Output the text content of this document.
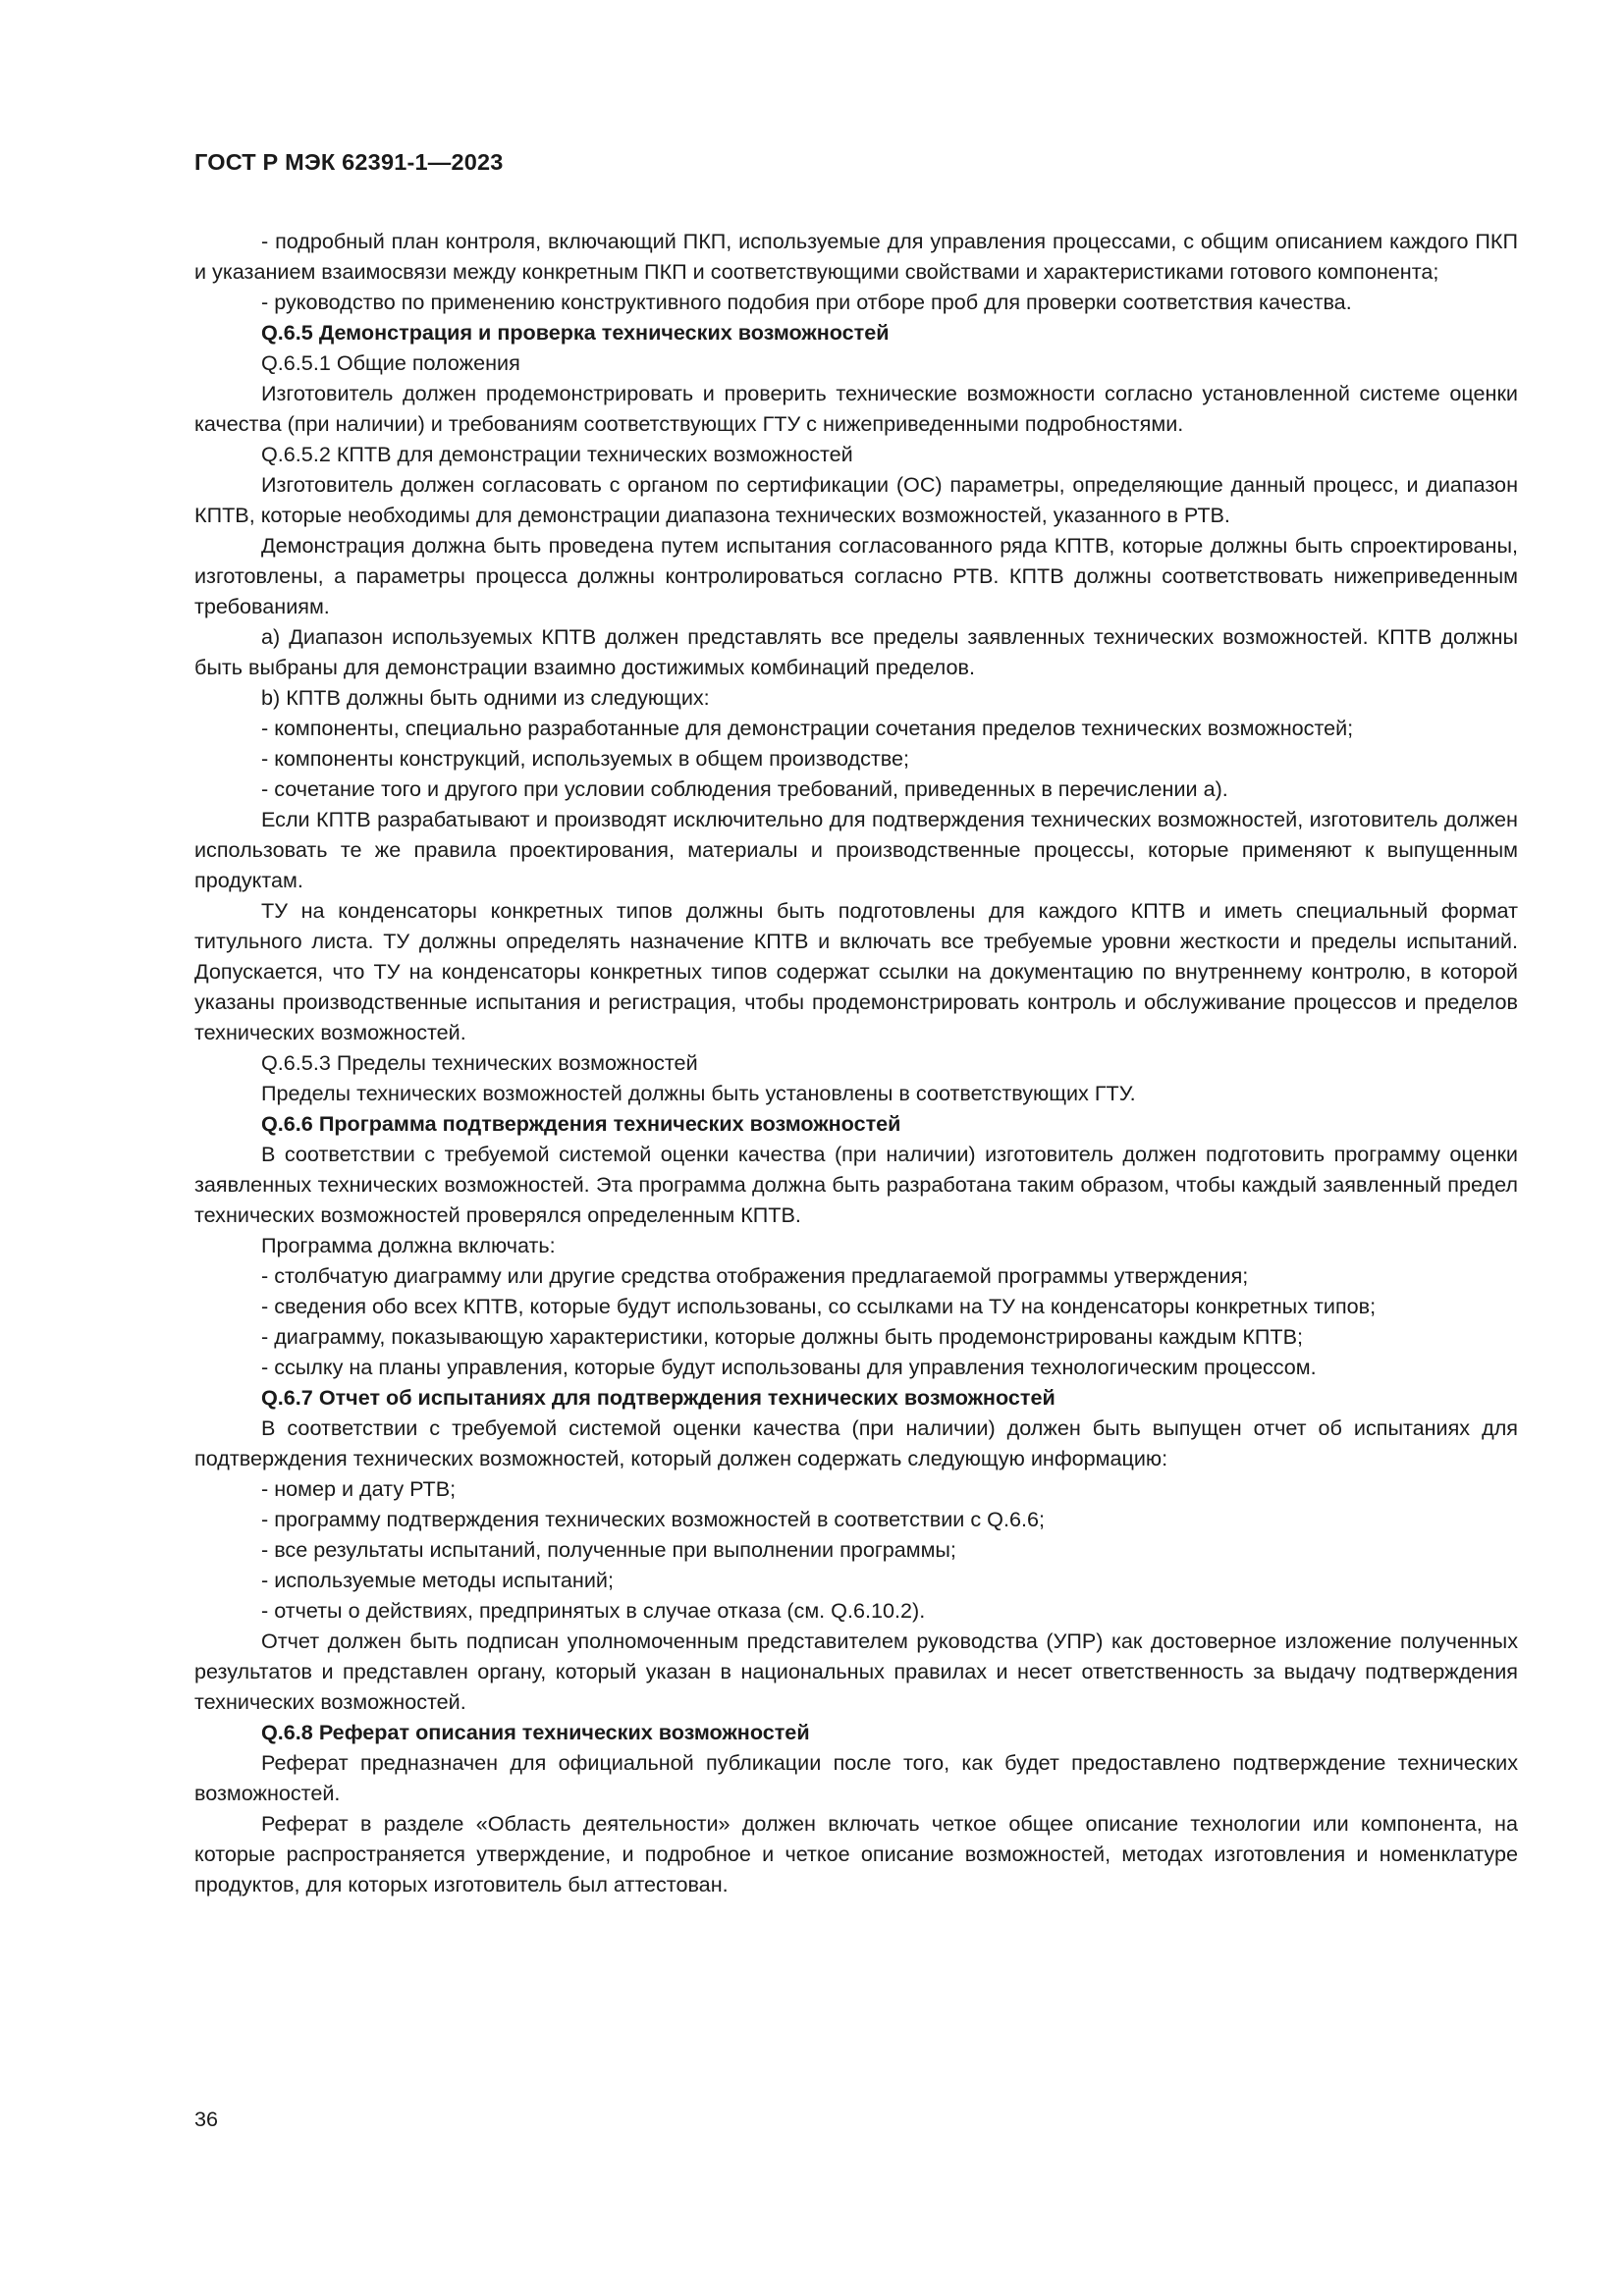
ГОСТ Р МЭК 62391-1—2023

- подробный план контроля, включающий ПКП, используемые для управления процессами, с общим описанием каждого ПКП и указанием взаимосвязи между конкретным ПКП и соответствующими свойствами и характеристиками готового компонента;

- руководство по применению конструктивного подобия при отборе проб для проверки соответствия качества.

Q.6.5 Демонстрация и проверка технических возможностей

Q.6.5.1 Общие положения

Изготовитель должен продемонстрировать и проверить технические возможности согласно установленной системе оценки качества (при наличии) и требованиям соответствующих ГТУ с нижеприведенными подробностями.

Q.6.5.2 КПТВ для демонстрации технических возможностей

Изготовитель должен согласовать с органом по сертификации (ОС) параметры, определяющие данный процесс, и диапазон КПТВ, которые необходимы для демонстрации диапазона технических возможностей, указанного в РТВ.

Демонстрация должна быть проведена путем испытания согласованного ряда КПТВ, которые должны быть спроектированы, изготовлены, а параметры процесса должны контролироваться согласно РТВ. КПТВ должны соответствовать нижеприведенным требованиям.

a) Диапазон используемых КПТВ должен представлять все пределы заявленных технических возможностей. КПТВ должны быть выбраны для демонстрации взаимно достижимых комбинаций пределов.

b) КПТВ должны быть одними из следующих:

- компоненты, специально разработанные для демонстрации сочетания пределов технических возможностей;

- компоненты конструкций, используемых в общем производстве;

- сочетание того и другого при условии соблюдения требований, приведенных в перечислении a).

Если КПТВ разрабатывают и производят исключительно для подтверждения технических возможностей, изготовитель должен использовать те же правила проектирования, материалы и производственные процессы, которые применяют к выпущенным продуктам.

ТУ на конденсаторы конкретных типов должны быть подготовлены для каждого КПТВ и иметь специальный формат титульного листа. ТУ должны определять назначение КПТВ и включать все требуемые уровни жесткости и пределы испытаний. Допускается, что ТУ на конденсаторы конкретных типов содержат ссылки на документацию по внутреннему контролю, в которой указаны производственные испытания и регистрация, чтобы продемонстрировать контроль и обслуживание процессов и пределов технических возможностей.

Q.6.5.3 Пределы технических возможностей

Пределы технических возможностей должны быть установлены в соответствующих ГТУ.

Q.6.6 Программа подтверждения технических возможностей

В соответствии с требуемой системой оценки качества (при наличии) изготовитель должен подготовить программу оценки заявленных технических возможностей. Эта программа должна быть разработана таким образом, чтобы каждый заявленный предел технических возможностей проверялся определенным КПТВ.

Программа должна включать:

- столбчатую диаграмму или другие средства отображения предлагаемой программы утверждения;

- сведения обо всех КПТВ, которые будут использованы, со ссылками на ТУ на конденсаторы конкретных типов;

- диаграмму, показывающую характеристики, которые должны быть продемонстрированы каждым КПТВ;

- ссылку на планы управления, которые будут использованы для управления технологическим процессом.

Q.6.7 Отчет об испытаниях для подтверждения технических возможностей

В соответствии с требуемой системой оценки качества (при наличии) должен быть выпущен отчет об испытаниях для подтверждения технических возможностей, который должен содержать следующую информацию:

- номер и дату РТВ;

- программу подтверждения технических возможностей в соответствии с Q.6.6;

- все результаты испытаний, полученные при выполнении программы;

- используемые методы испытаний;

- отчеты о действиях, предпринятых в случае отказа (см. Q.6.10.2).

Отчет должен быть подписан уполномоченным представителем руководства (УПР) как достоверное изложение полученных результатов и представлен органу, который указан в национальных правилах и несет ответственность за выдачу подтверждения технических возможностей.

Q.6.8 Реферат описания технических возможностей

Реферат предназначен для официальной публикации после того, как будет предоставлено подтверждение технических возможностей.

Реферат в разделе «Область деятельности» должен включать четкое общее описание технологии или компонента, на которые распространяется утверждение, и подробное и четкое описание возможностей, методах изготовления и номенклатуре продуктов, для которых изготовитель был аттестован.

36
